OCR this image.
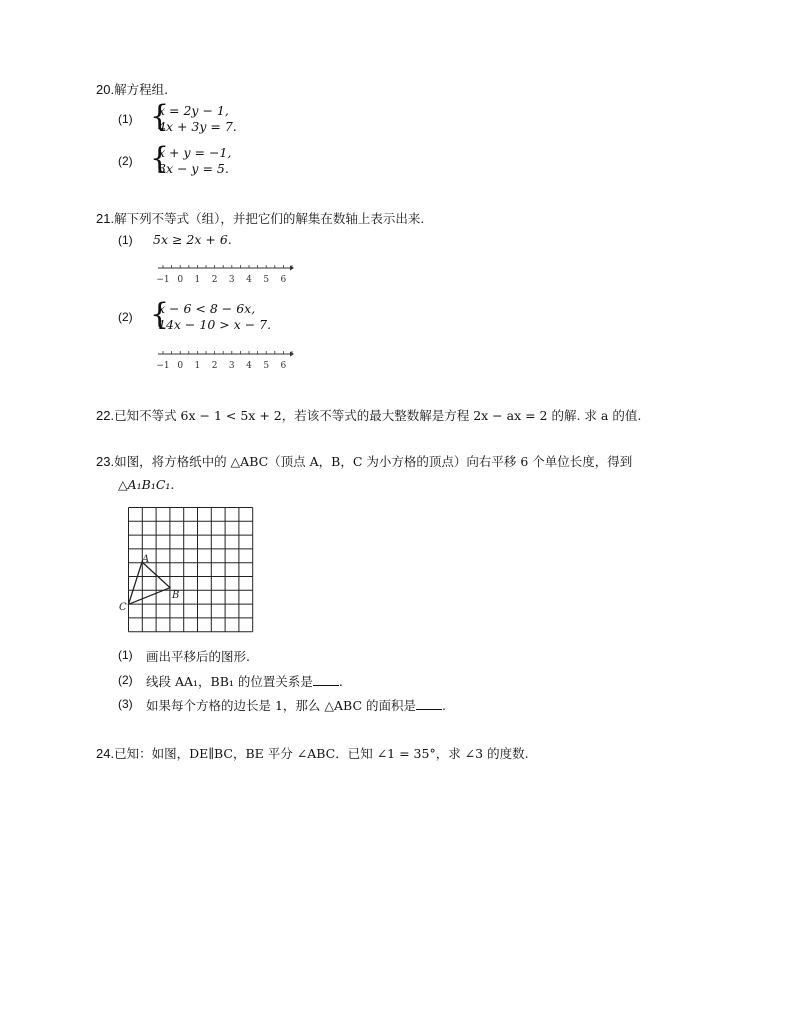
20.解方程组.
(1) {
x = 2y − 1,
4x + 3y = 7.
(2) {
x + y = −1,
3x − y = 5.
21.解下列不等式（组），并把它们的解集在数轴上表示出来.
(1) 5x ≥ 2x + 6.
−1 0 1 2 3 4 5 6
(2) {
x − 6 < 8 − 6x,
14x − 10 > x − 7.
−1 0 1 2 3 4 5 6
22.已知不等式 6x − 1 < 5x + 2，若该不等式的最大整数解是方程 2x − ax = 2 的解. 求 a 的值.
23.如图，将方格纸中的 △ABC（顶点 A，B，C 为小方格的顶点）向右平移 6 个单位长度，得到
△A₁B₁C₁.
A
B
C
(1) 画出平移后的图形.
(2) 线段 AA₁，BB₁ 的位置关系是 .
(3) 如果每个方格的边长是 1，那么 △ABC 的面积是 .
24.已知：如图，DE∥BC，BE 平分 ∠ABC．已知 ∠1 = 35°，求 ∠3 的度数.
